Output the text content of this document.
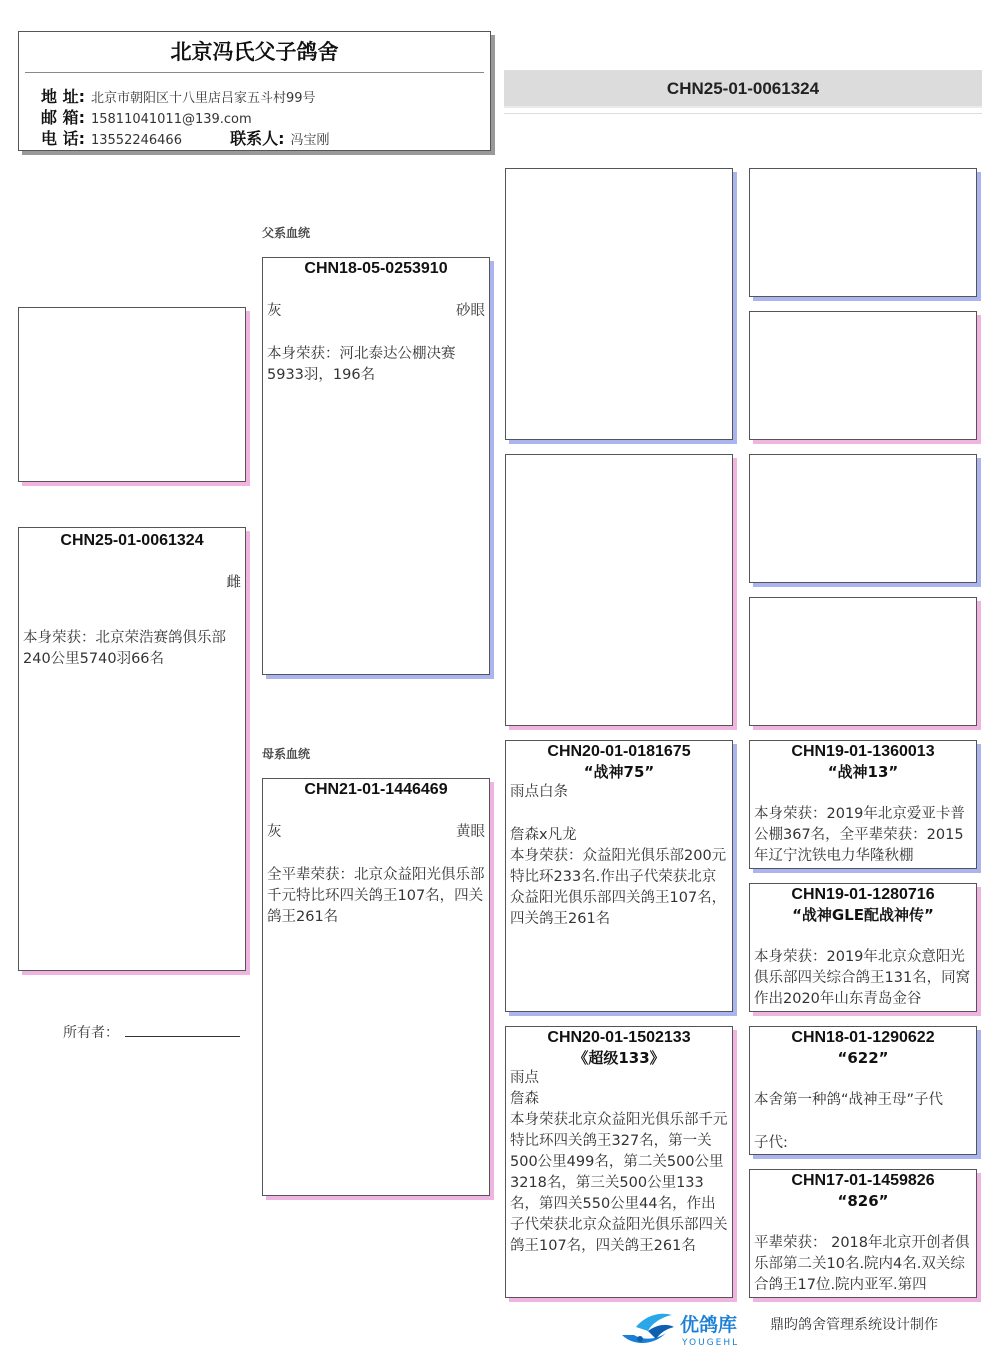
北京冯氏父子鸽舍
地 址: 北京市朝阳区十八里店吕家五斗村99号
邮 箱: 15811041011@139.com
电 话: 13552246466	联系人: 冯宝刚
CHN25-01-0061324
CHN25-01-0061324
雌
本身荣获：北京荣浩赛鸽俱乐部240公里5740羽66名
所有者：
父系血统
母系血统
CHN18-05-0253910
灰	砂眼
本身荣获：河北泰达公棚决赛5933羽，196名
CHN21-01-1446469
灰	黄眼
全平辈荣获：北京众益阳光俱乐部千元特比环四关鸽王107名，四关鸽王261名
CHN20-01-0181675
“战神75”
雨点白条
詹森x凡龙
本身荣获：众益阳光俱乐部200元特比环233名.作出子代荣获北京众益阳光俱乐部四关鸽王107名，四关鸽王261名
CHN20-01-1502133
《超级133》
雨点
詹森
本身荣获北京众益阳光俱乐部千元特比环四关鸽王327名，第一关500公里499名，第二关500公里3218名，第三关500公里133名，第四关550公里44名，作出子代荣获北京众益阳光俱乐部四关鸽王107名，四关鸽王261名
CHN19-01-1360013
“战神13”
本身荣获：2019年北京爱亚卡普公棚367名，全平辈荣获：2015年辽宁沈铁电力华隆秋棚
CHN19-01-1280716
“战神GLE配战神传”
本身荣获：2019年北京众意阳光俱乐部四关综合鸽王131名，同窝作出2020年山东青岛金谷
CHN18-01-1290622
“622”
本舍第一种鸽“战神王母”子代
子代:
CHN17-01-1459826
“826”
平辈荣获： 2018年北京开创者俱乐部第二关10名.院内4名.双关综合鸽王17位.院内亚军.第四
优鸽库
YOUGEHL
鼎昀鸽舍管理系统设计制作
